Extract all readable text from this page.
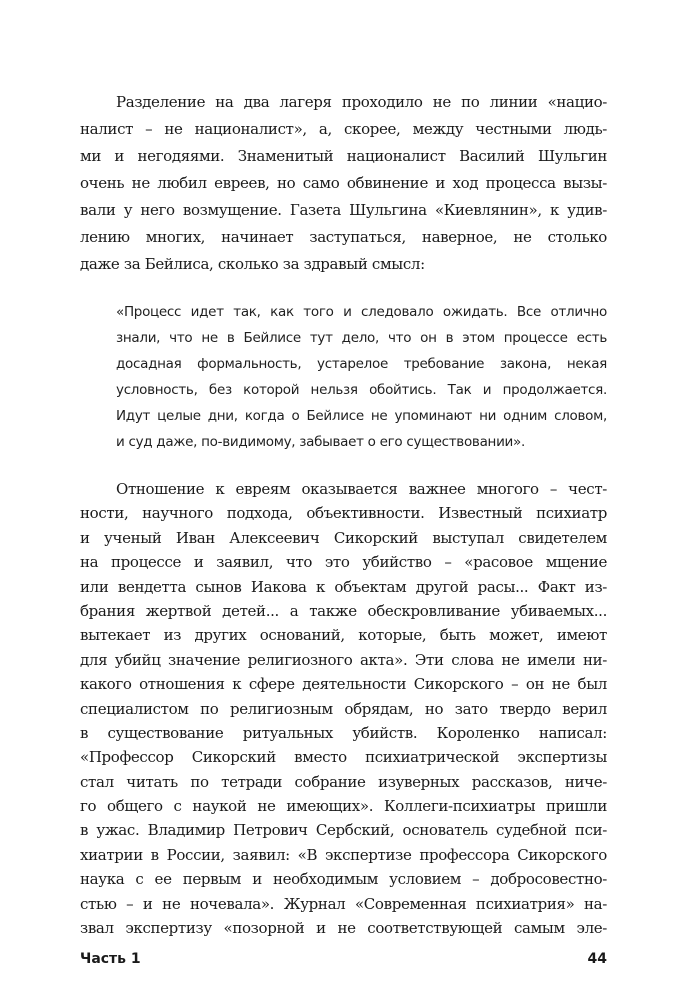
Разделение на два лагеря проходило не по линии «нацио-
налист – не националист», а, скорее, между честными людь-
ми и негодяями. Знаменитый националист Василий Шульгин
очень не любил евреев, но само обвинение и ход процесса вызы-
вали у него возмущение. Газета Шульгина «Киевлянин», к удив-
лению многих, начинает заступаться, наверное, не столько
даже за Бейлиса, сколько за здравый смысл:
«Процесс идет так, как того и следовало ожидать. Все отлично
знали, что не в Бейлисе тут дело, что он в этом процессе есть
досадная формальность, устарелое требование закона, некая
условность, без которой нельзя обойтись. Так и продолжается.
Идут целые дни, когда о Бейлисе не упоминают ни одним словом,
и суд даже, по-видимому, забывает о его существовании».
Отношение к евреям оказывается важнее многого – чест-
ности, научного подхода, объективности. Известный психиатр
и ученый Иван Алексеевич Сикорский выступал свидетелем
на процессе и заявил, что это убийство – «расовое мщение
или вендетта сынов Иакова к объектам другой расы... Факт из-
брания жертвой детей... а также обескровливание убиваемых...
вытекает из других оснований, которые, быть может, имеют
для убийц значение религиозного акта». Эти слова не имели ни-
какого отношения к сфере деятельности Сикорского – он не был
специалистом по религиозным обрядам, но зато твердо верил
в существование ритуальных убийств. Короленко написал:
«Профессор Сикорский вместо психиатрической экспертизы
стал читать по тетради собрание изуверных рассказов, ниче-
го общего с наукой не имеющих». Коллеги-психиатры пришли
в ужас. Владимир Петрович Сербский, основатель судебной пси-
хиатрии в России, заявил: «В экспертизе профессора Сикорского
наука с ее первым и необходимым условием – добросовестно-
стью – и не ночевала». Журнал «Современная психиатрия» на-
звал экспертизу «позорной и не соответствующей самым эле-
Часть 1	44
